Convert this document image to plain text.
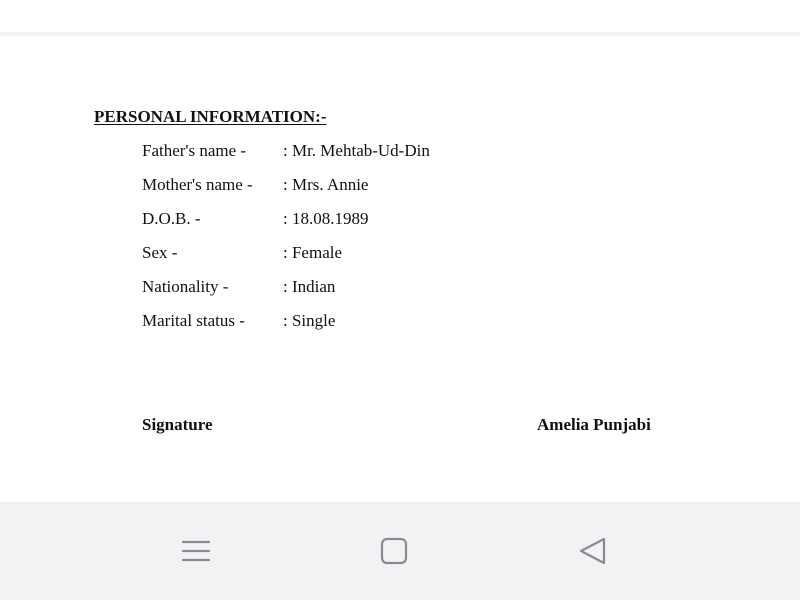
PERSONAL INFORMATION:-
Father's name - : Mr. Mehtab-Ud-Din
Mother's name - : Mrs. Annie
D.O.B. -	: 18.08.1989
Sex -	: Female
Nationality -	: Indian
Marital status - : Single
Signature	Amelia Punjabi
